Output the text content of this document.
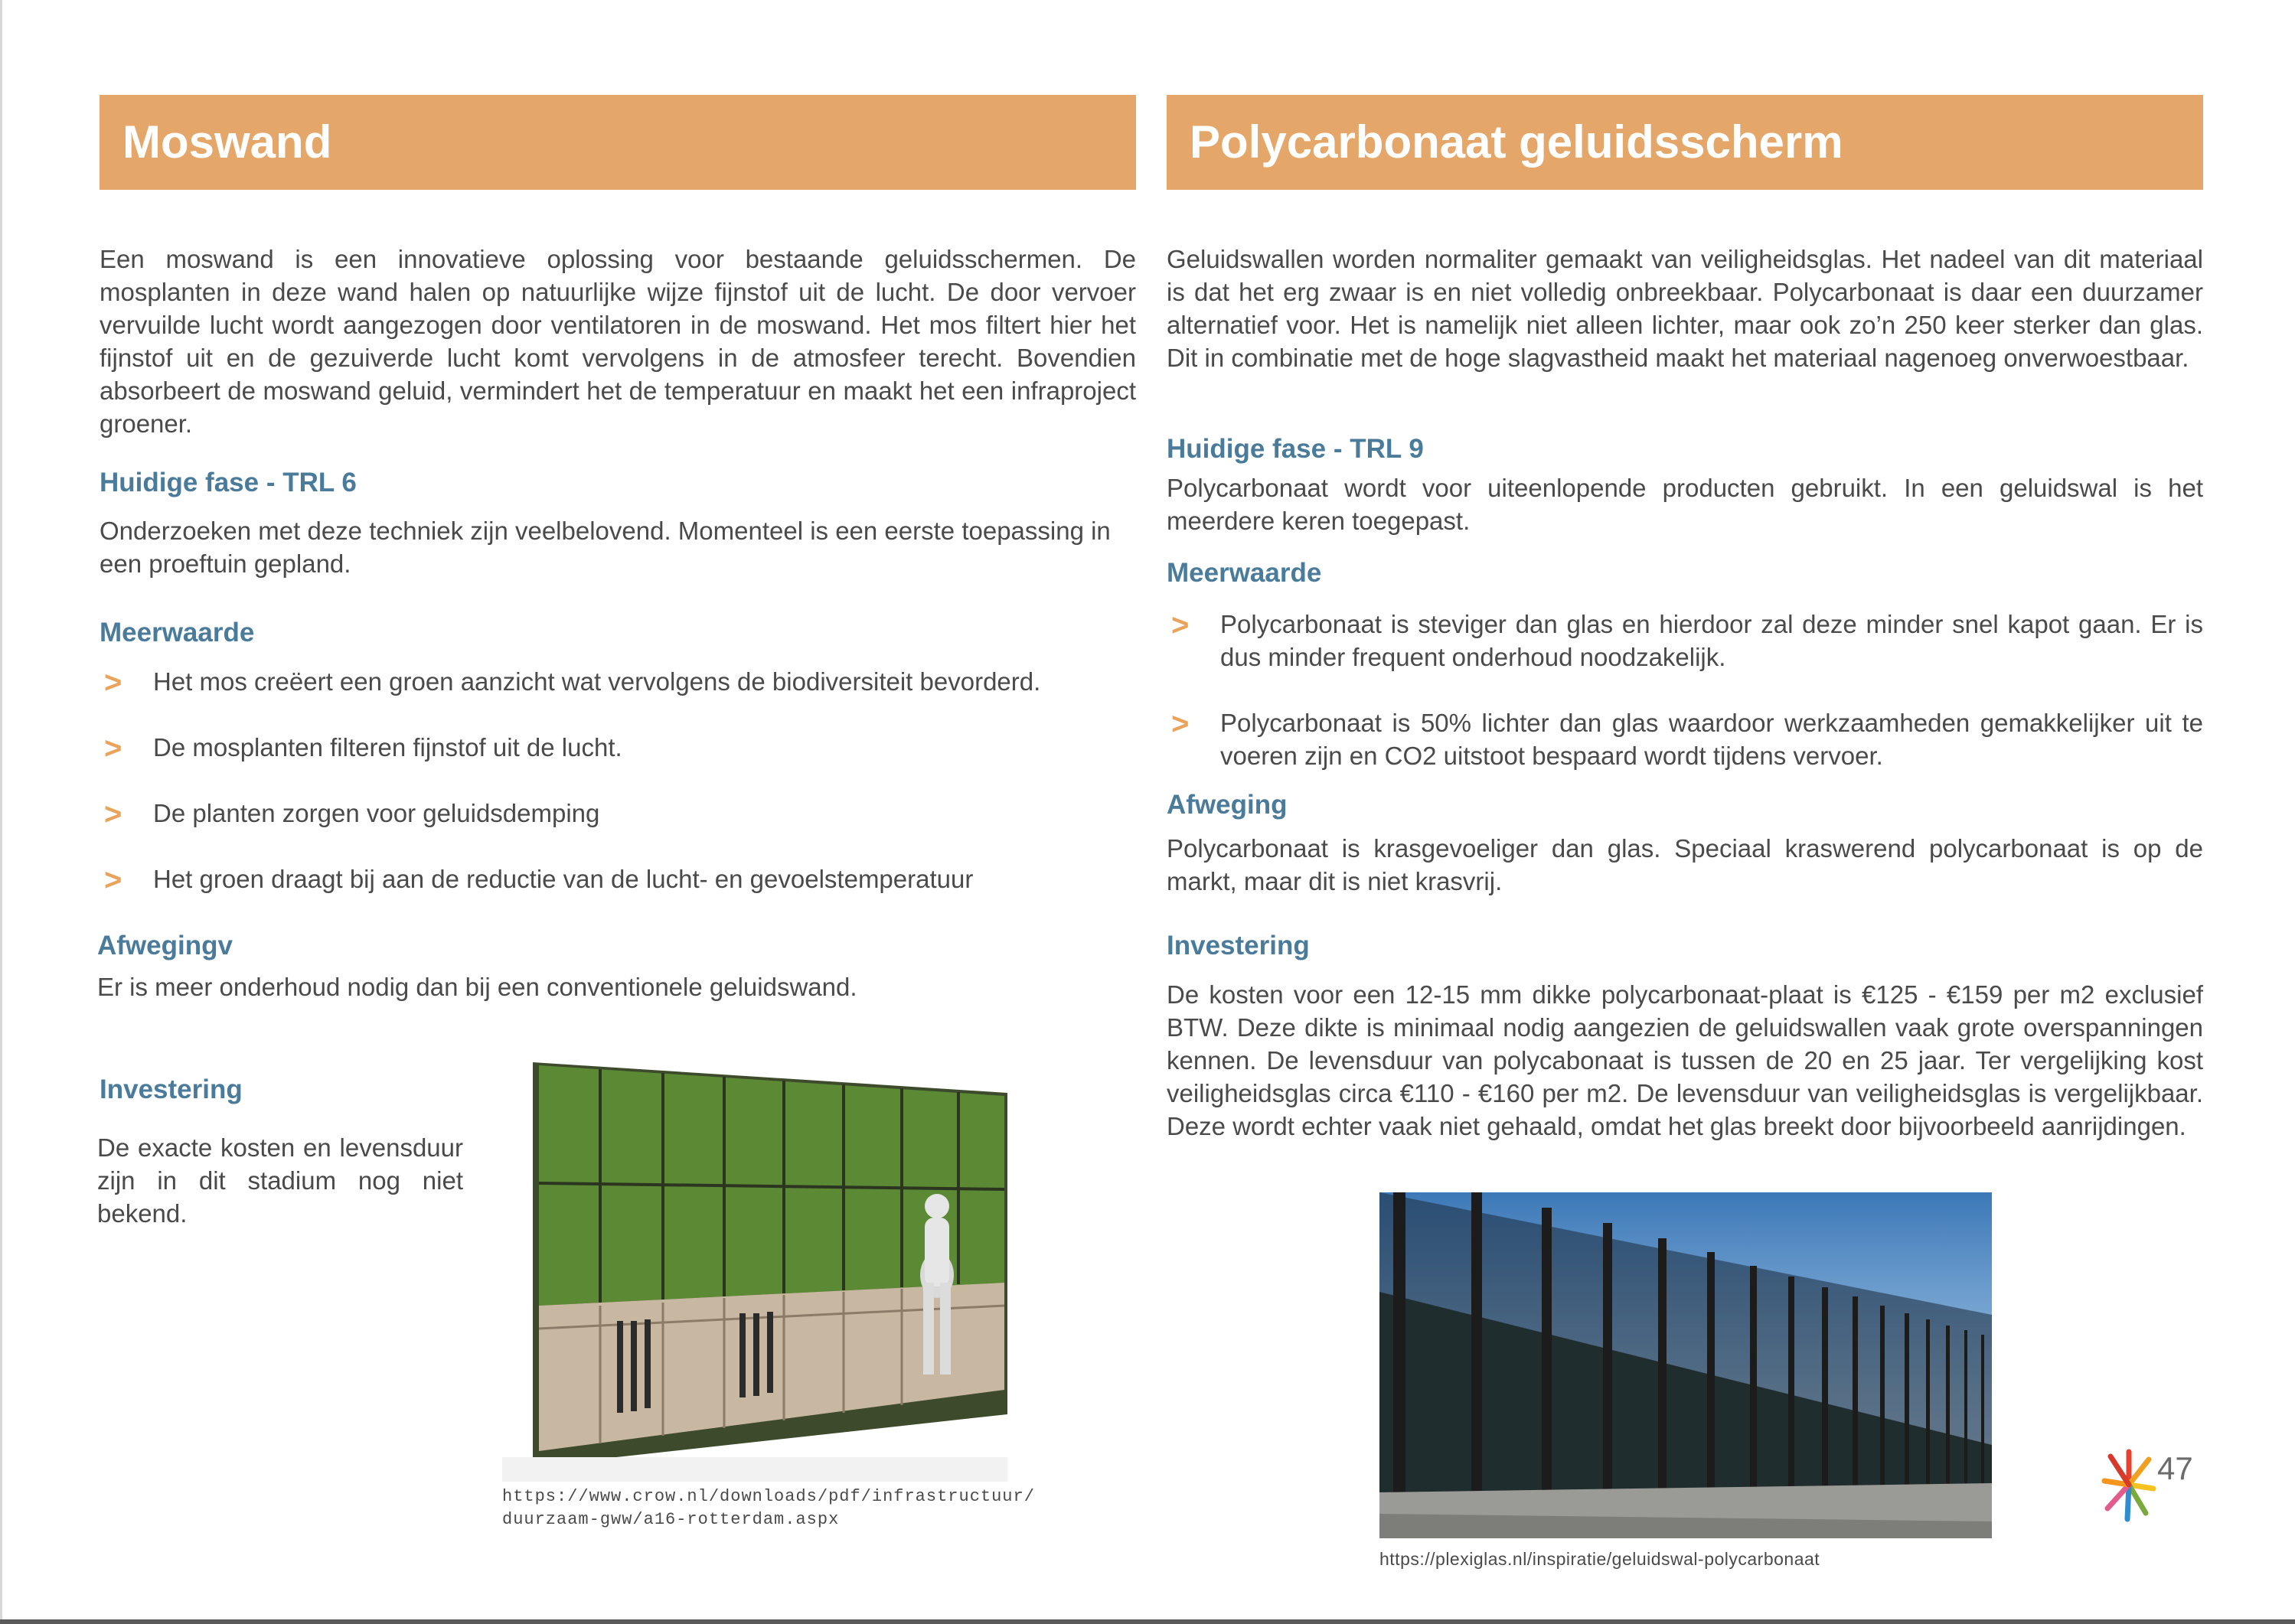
Moswand

Een moswand is een innovatieve oplossing voor bestaande geluidsschermen. De mosplanten in deze wand halen op natuurlijke wijze fijnstof uit de lucht. De door vervoer vervuilde lucht wordt aangezogen door ventilatoren in de moswand. Het mos filtert hier het fijnstof uit en de gezuiverde lucht komt vervolgens in de atmosfeer terecht. Bovendien absorbeert de moswand geluid, vermindert het de temperatuur en maakt het een infraproject groener.

Huidige fase - TRL 6

Onderzoeken met deze techniek zijn veelbelovend. Momenteel is een eerste toepassing in een proeftuin gepland.

Meerwaarde
> Het mos creëert een groen aanzicht wat vervolgens de biodiversiteit bevorderd.
> De mosplanten filteren fijnstof uit de lucht.
> De planten zorgen voor geluidsdemping
> Het groen draagt bij aan de reductie van de lucht- en gevoelstemperatuur
Afwegingv

Er is meer onderhoud nodig dan bij een conventionele geluidswand.

Investering

De exacte kosten en levensduur zijn in dit stadium nog niet bekend.

https://www.crow.nl/downloads/pdf/infrastructuur/
duurzaam-gww/a16-rotterdam.aspx
Polycarbonaat geluidsscherm

Geluidswallen worden normaliter gemaakt van veiligheidsglas. Het nadeel van dit materiaal is dat het erg zwaar is en niet volledig onbreekbaar. Polycarbonaat is daar een duurzamer alternatief voor. Het is namelijk niet alleen lichter, maar ook zo’n 250 keer sterker dan glas. Dit in combinatie met de hoge slagvastheid maakt het materiaal nagenoeg onverwoestbaar.

Huidige fase - TRL 9

Polycarbonaat wordt voor uiteenlopende producten gebruikt. In een geluidswal is het meerdere keren toegepast.

Meerwaarde
> Polycarbonaat is steviger dan glas en hierdoor zal deze minder snel kapot gaan. Er is dus minder frequent onderhoud noodzakelijk.
> Polycarbonaat is 50% lichter dan glas waardoor werkzaamheden gemakkelijker uit te voeren zijn en CO2 uitstoot bespaard wordt tijdens vervoer.
Afweging

Polycarbonaat is krasgevoeliger dan glas. Speciaal kraswerend polycarbonaat is op de markt, maar dit is niet krasvrij.

Investering

De kosten voor een 12-15 mm dikke polycarbonaat-plaat is €125 - €159 per m2 exclusief BTW. Deze dikte is minimaal nodig aangezien de geluidswallen vaak grote overspanningen kennen. De levensduur van polycabonaat is tussen de 20 en 25 jaar. Ter vergelijking kost veiligheidsglas circa €110 - €160 per m2. De levensduur van veiligheidsglas is vergelijkbaar. Deze wordt echter vaak niet gehaald, omdat het glas breekt door bijvoorbeeld aanrijdingen.

https://plexiglas.nl/inspiratie/geluidswal-polycarbonaat
47
